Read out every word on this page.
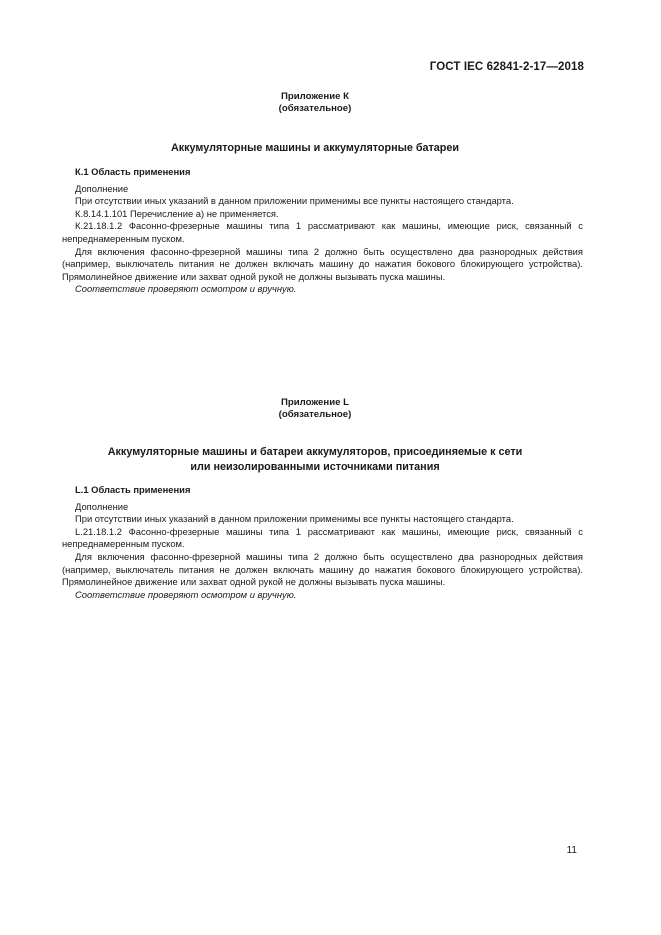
ГОСТ IEC 62841-2-17—2018
Приложение К
(обязательное)
Аккумуляторные машины и аккумуляторные батареи
К.1 Область применения

Дополнение

При отсутствии иных указаний в данном приложении применимы все пункты настоящего стандарта.

К.8.14.1.101 Перечисление а) не применяется.

К.21.18.1.2 Фасонно-фрезерные машины типа 1 рассматривают как машины, имеющие риск, связанный с непреднамеренным пуском.

Для включения фасонно-фрезерной машины типа 2 должно быть осуществлено два разнородных действия (например, выключатель питания не должен включать машину до нажатия бокового блокирующего устройства). Прямолинейное движение или захват одной рукой не должны вызывать пуска машины.

Соответствие проверяют осмотром и вручную.

Приложение L
(обязательное)
Аккумуляторные машины и батареи аккумуляторов, присоединяемые к сети
или неизолированными источниками питания
L.1 Область применения

Дополнение

При отсутствии иных указаний в данном приложении применимы все пункты настоящего стандарта.

L.21.18.1.2 Фасонно-фрезерные машины типа 1 рассматривают как машины, имеющие риск, связанный с непреднамеренным пуском.

Для включения фасонно-фрезерной машины типа 2 должно быть осуществлено два разнородных действия (например, выключатель питания не должен включать машину до нажатия бокового блокирующего устройства). Прямолинейное движение или захват одной рукой не должны вызывать пуска машины.

Соответствие проверяют осмотром и вручную.

11
